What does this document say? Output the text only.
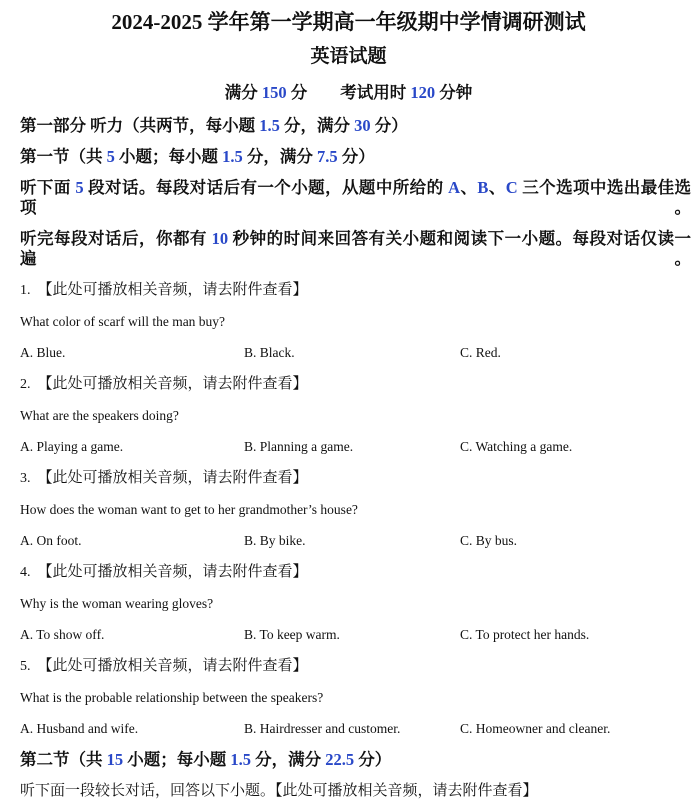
2024-2025 学年第一学期高一年级期中学情调研测试
英语试题
满分 150 分　　 考试用时 120 分钟
第一部分 听力（共两节，每小题 1.5 分，满分 30 分）
第一节（共 5 小题；每小题 1.5 分，满分 7.5 分）
听下面 5 段对话。每段对话后有一个小题，从题中所给的 A、B、C 三个选项中选出最佳选项。
听完每段对话后，你都有 10 秒钟的时间来回答有关小题和阅读下一小题。每段对话仅读一遍。
1. 【此处可播放相关音频，请去附件查看】
What color of scarf will the man buy?
A. Blue.	B. Black.	C. Red.
2. 【此处可播放相关音频，请去附件查看】
What are the speakers doing?
A. Playing a game.	B. Planning a game.	C. Watching a game.
3. 【此处可播放相关音频，请去附件查看】
How does the woman want to get to her grandmother’s house?
A. On foot.	B. By bike.	C. By bus.
4. 【此处可播放相关音频，请去附件查看】
Why is the woman wearing gloves?
A. To show off.	B. To keep warm.	C. To protect her hands.
5. 【此处可播放相关音频，请去附件查看】
What is the probable relationship between the speakers?
A. Husband and wife.	B. Hairdresser and customer.	C. Homeowner and cleaner.
第二节（共 15 小题；每小题 1.5 分，满分 22.5 分）
听下面一段较长对话，回答以下小题。【此处可播放相关音频，请去附件查看】
